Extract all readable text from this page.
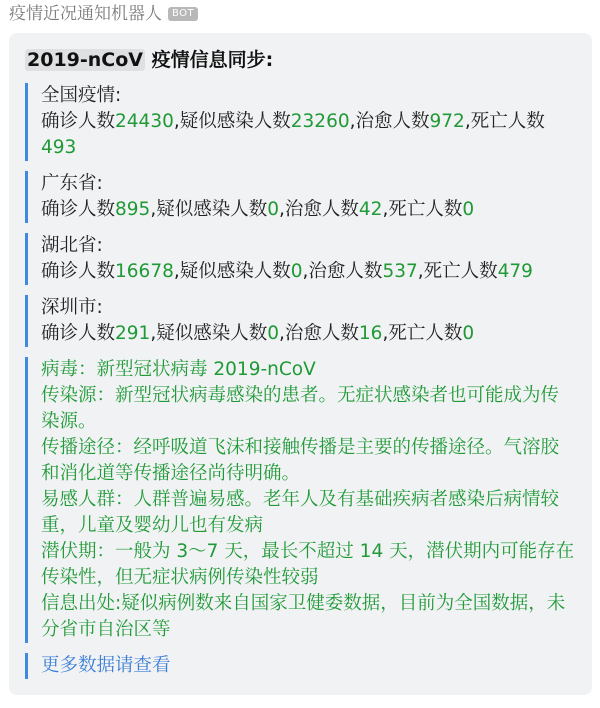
疫情近况通知机器人	BOT
2019-nCoV 疫情信息同步:
全国疫情:
确诊人数24430,疑似感染人数23260,治愈人数972,死亡人数493
广东省:
确诊人数895,疑似感染人数0,治愈人数42,死亡人数0
湖北省:
确诊人数16678,疑似感染人数0,治愈人数537,死亡人数479
深圳市:
确诊人数291,疑似感染人数0,治愈人数16,死亡人数0
病毒：新型冠状病毒 2019-nCoV
传染源：新型冠状病毒感染的患者。无症状感染者也可能成为传染源。
传播途径：经呼吸道飞沫和接触传播是主要的传播途径。气溶胶和消化道等传播途径尚待明确。
易感人群：人群普遍易感。老年人及有基础疾病者感染后病情较重，儿童及婴幼儿也有发病
潜伏期：一般为 3～7 天，最长不超过 14 天，潜伏期内可能存在传染性，但无症状病例传染性较弱
信息出处:疑似病例数来自国家卫健委数据，目前为全国数据，未分省市自治区等
更多数据请查看
